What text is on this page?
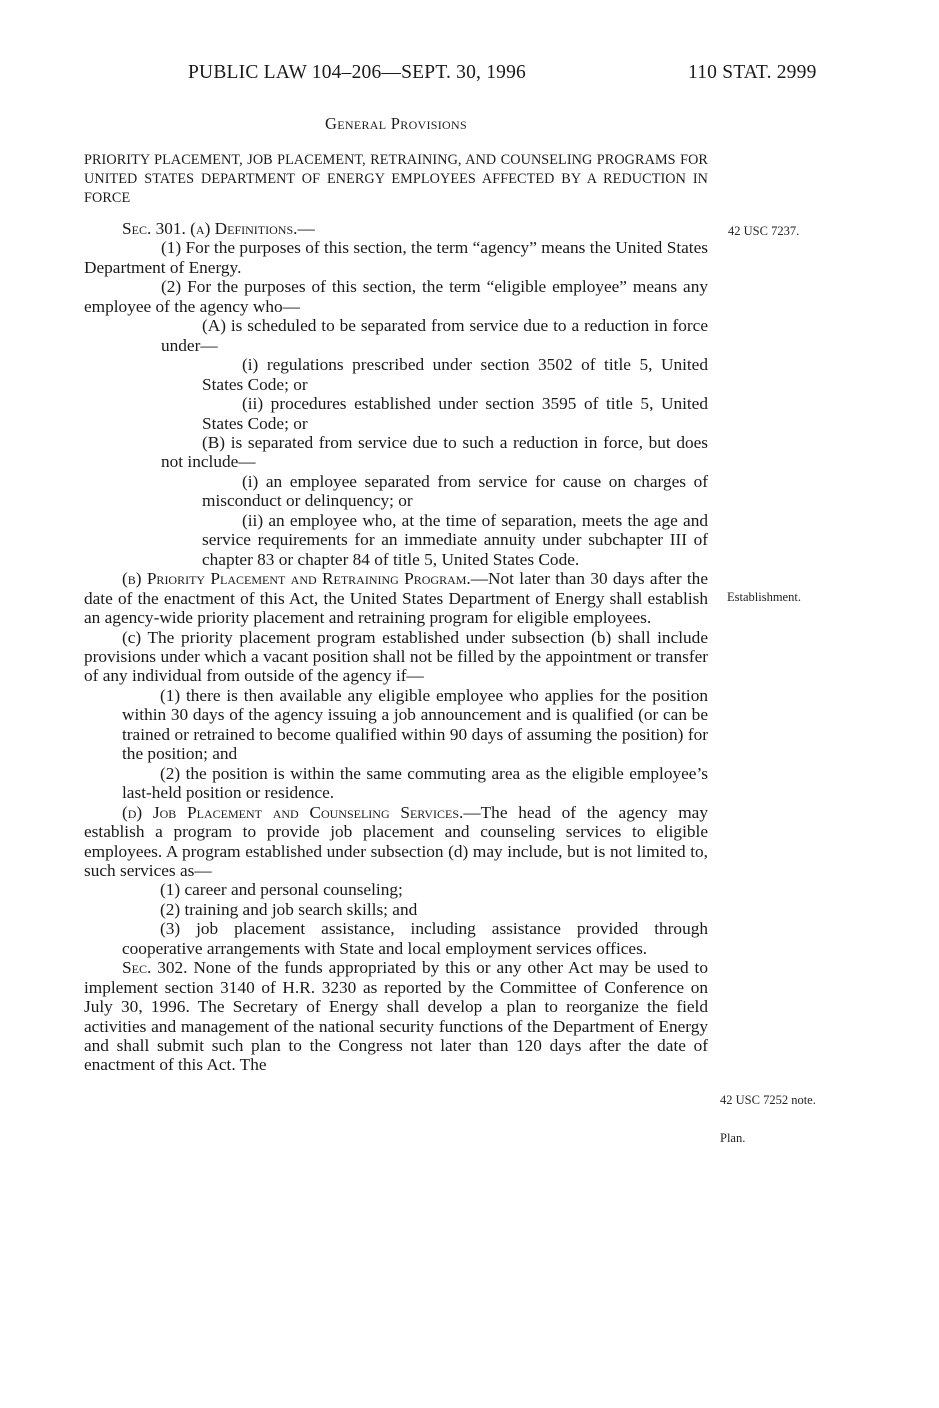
PUBLIC LAW 104–206—SEPT. 30, 1996	110 STAT. 2999
General Provisions
PRIORITY PLACEMENT, JOB PLACEMENT, RETRAINING, AND COUNSELING PROGRAMS FOR UNITED STATES DEPARTMENT OF ENERGY EMPLOYEES AFFECTED BY A REDUCTION IN FORCE
42 USC 7237.
Establishment.
42 USC 7252 note.
Plan.

Sec. 301. (a) Definitions.—

(1) For the purposes of this section, the term “agency” means the United States Department of Energy.

(2) For the purposes of this section, the term “eligible employee” means any employee of the agency who—

(A) is scheduled to be separated from service due to a reduction in force under—

(i) regulations prescribed under section 3502 of title 5, United States Code; or

(ii) procedures established under section 3595 of title 5, United States Code; or

(B) is separated from service due to such a reduction in force, but does not include—

(i) an employee separated from service for cause on charges of misconduct or delinquency; or

(ii) an employee who, at the time of separation, meets the age and service requirements for an immediate annuity under subchapter III of chapter 83 or chapter 84 of title 5, United States Code.

(b) Priority Placement and Retraining Program.—Not later than 30 days after the date of the enactment of this Act, the United States Department of Energy shall establish an agency-wide priority placement and retraining program for eligible employees.

(c) The priority placement program established under subsection (b) shall include provisions under which a vacant position shall not be filled by the appointment or transfer of any individual from outside of the agency if—

(1) there is then available any eligible employee who applies for the position within 30 days of the agency issuing a job announcement and is qualified (or can be trained or retrained to become qualified within 90 days of assuming the position) for the position; and

(2) the position is within the same commuting area as the eligible employee’s last-held position or residence.

(d) Job Placement and Counseling Services.—The head of the agency may establish a program to provide job placement and counseling services to eligible employees. A program established under subsection (d) may include, but is not limited to, such services as—

(1) career and personal counseling;

(2) training and job search skills; and

(3) job placement assistance, including assistance provided through cooperative arrangements with State and local employment services offices.

Sec. 302. None of the funds appropriated by this or any other Act may be used to implement section 3140 of H.R. 3230 as reported by the Committee of Conference on July 30, 1996. The Secretary of Energy shall develop a plan to reorganize the field activities and management of the national security functions of the Department of Energy and shall submit such plan to the Congress not later than 120 days after the date of enactment of this Act. The
